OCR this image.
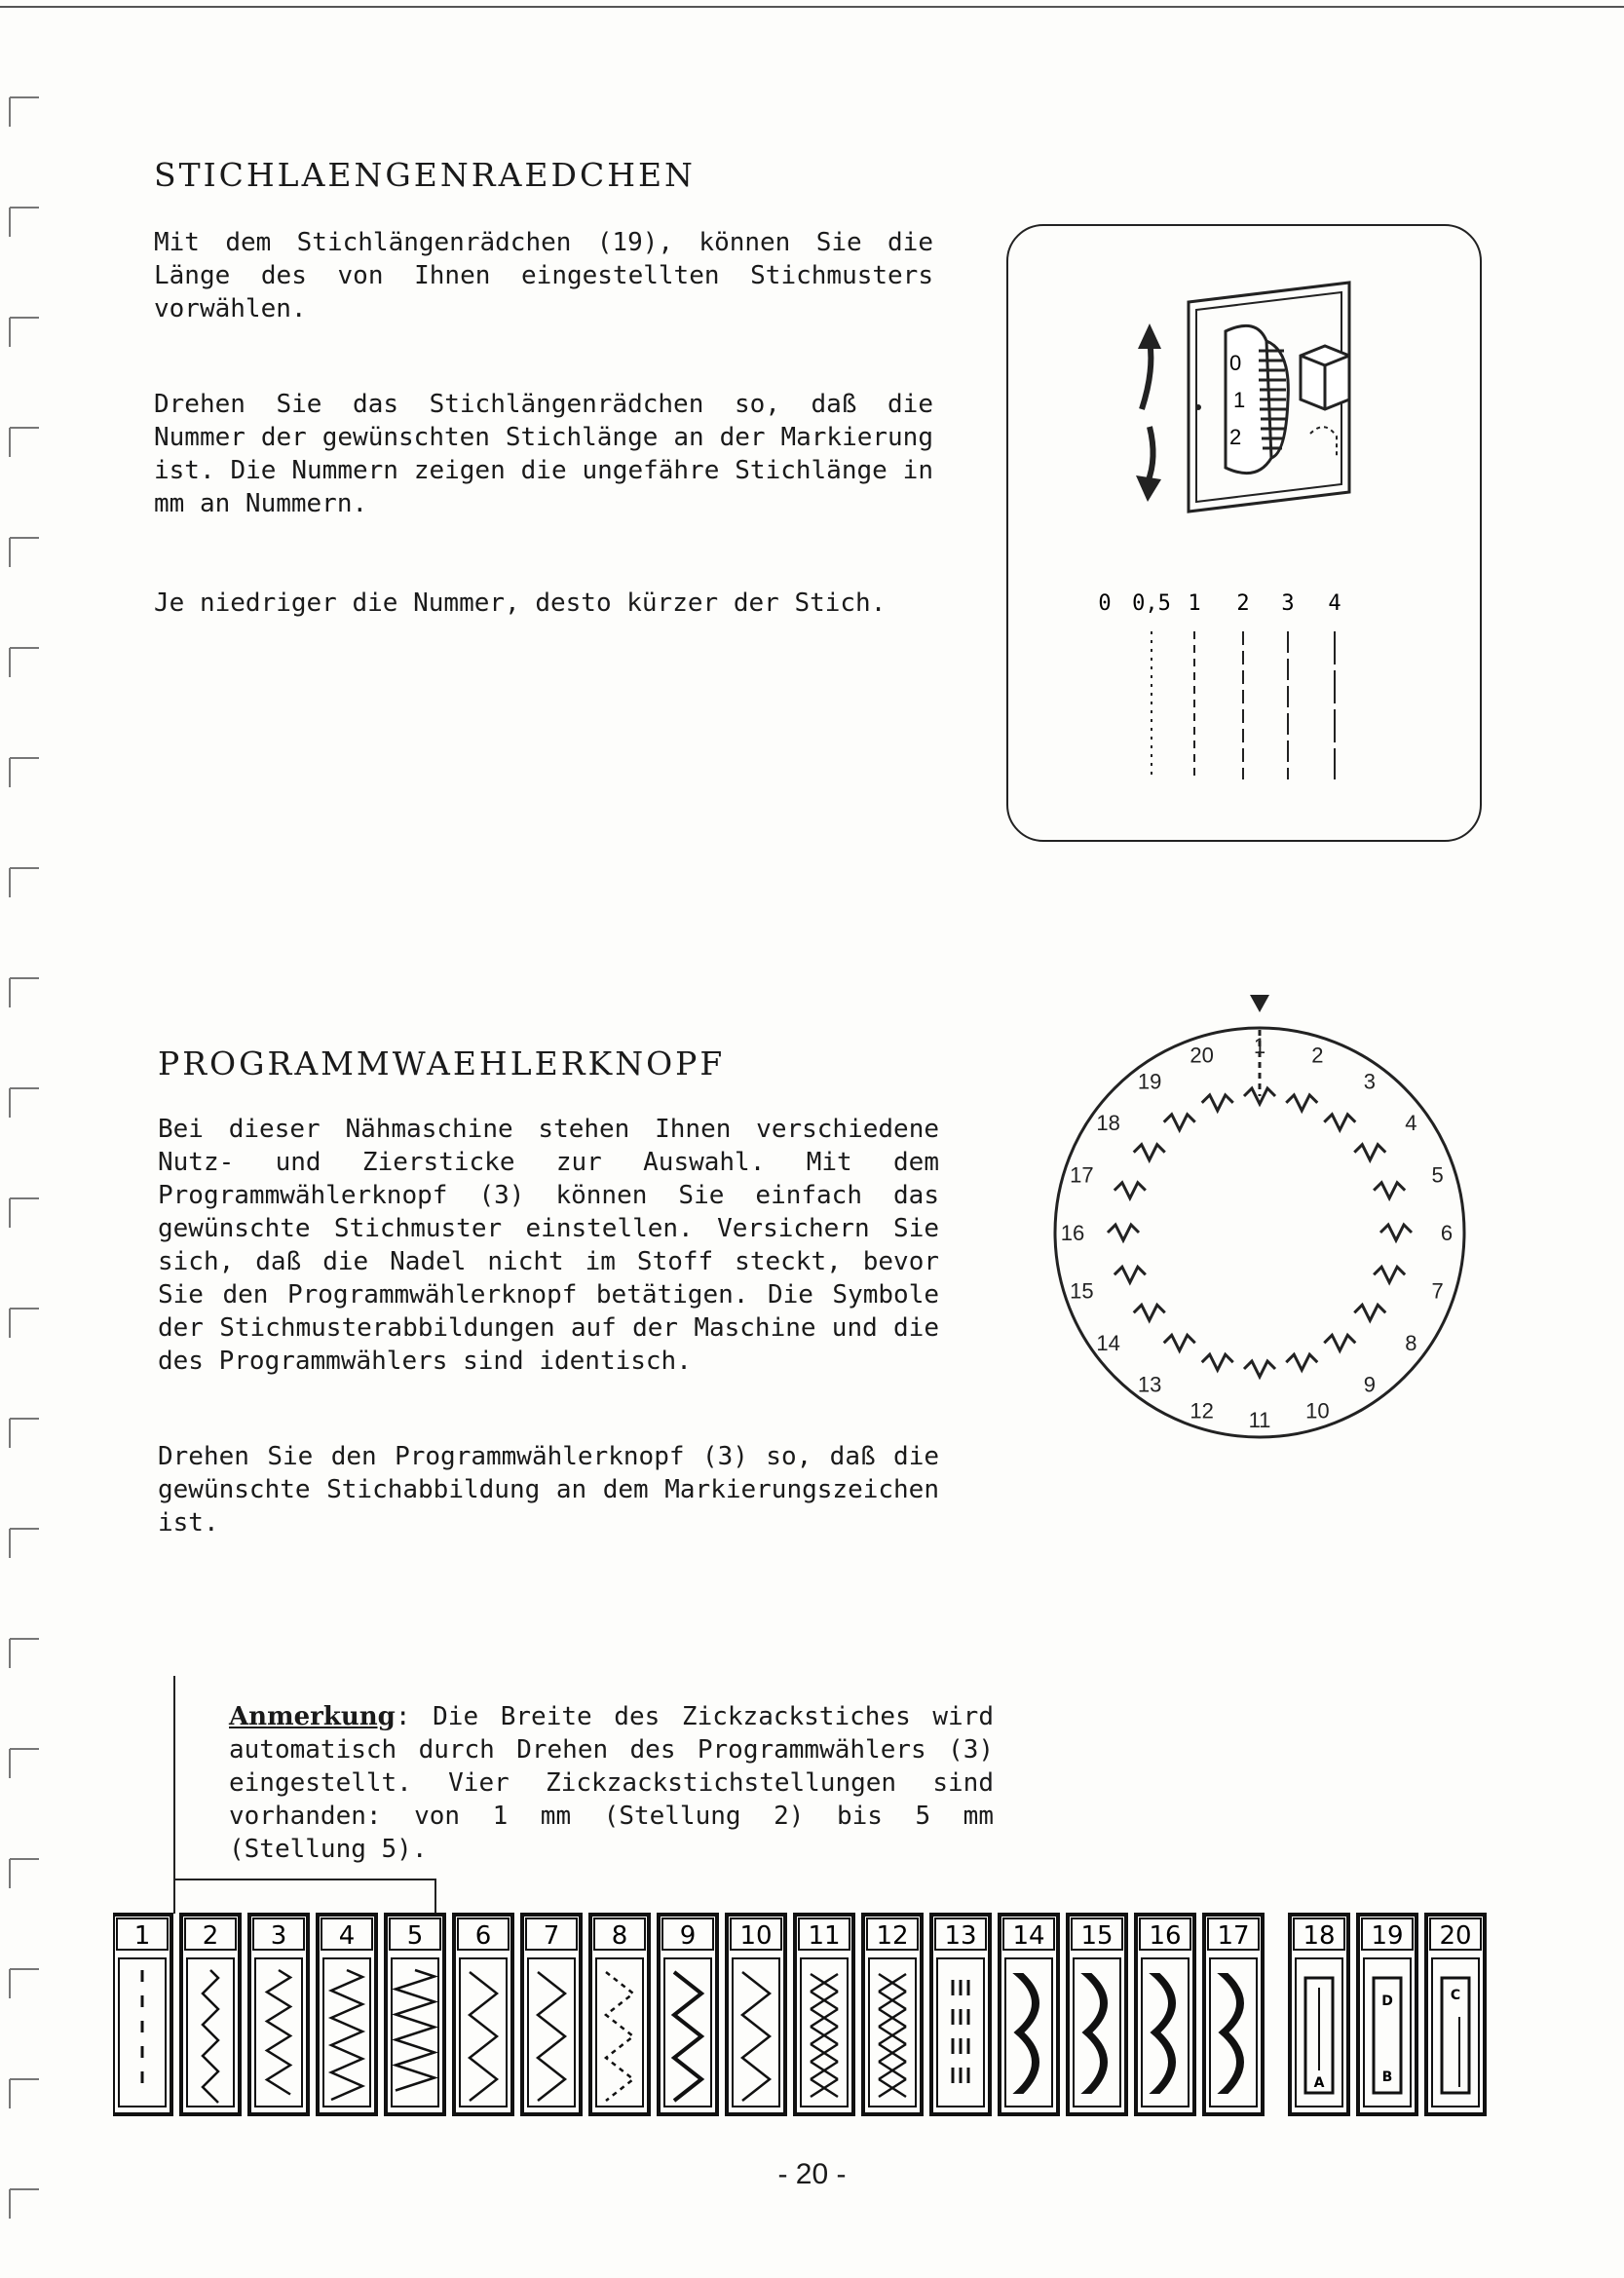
STICHLAENGENRAEDCHEN

Mit dem Stichlängenrädchen (19), können Sie die Länge des von Ihnen eingestellten Stichmusters vorwählen.

Drehen Sie das Stichlängenrädchen so, daß die Nummer der gewünschten Stichlänge an der Markierung ist. Die Nummern zeigen die ungefähre Stichlänge in mm an Nummern.

Je niedriger die Nummer, desto kürzer der Stich.

0
1
2
0 0,5 1 2 3 4
PROGRAMMWAEHLERKNOPF

Bei dieser Nähmaschine stehen Ihnen verschiedene Nutz- und Ziersticke zur Auswahl. Mit dem Programmwählerknopf (3) können Sie einfach das gewünschte Stichmuster einstellen. Versichern Sie sich, daß die Nadel nicht im Stoff steckt, bevor Sie den Programmwählerknopf betätigen. Die Symbole der Stichmusterabbildungen auf der Maschine und die des Programmwählers sind identisch.

Drehen Sie den Programmwählerknopf (3) so, daß die gewünschte Stichabbildung an dem Markierungszeichen ist.

1 2
3
4
5
6
7
8
9
10
11
12
13
14
15
16
17
18
19
20

Anmerkung: Die Breite des Zickzackstiches wird automatisch durch Drehen des Programmwählers (3) eingestellt. Vier Zickzackstichstellungen sind vorhanden: von 1 mm (Stellung 2) bis 5 mm (Stellung 5).

1 2 3 4 5 6 7 8 9 10 11 12 13 14 15 16 17 18
A
19
D
B
20
C
- 20 -
